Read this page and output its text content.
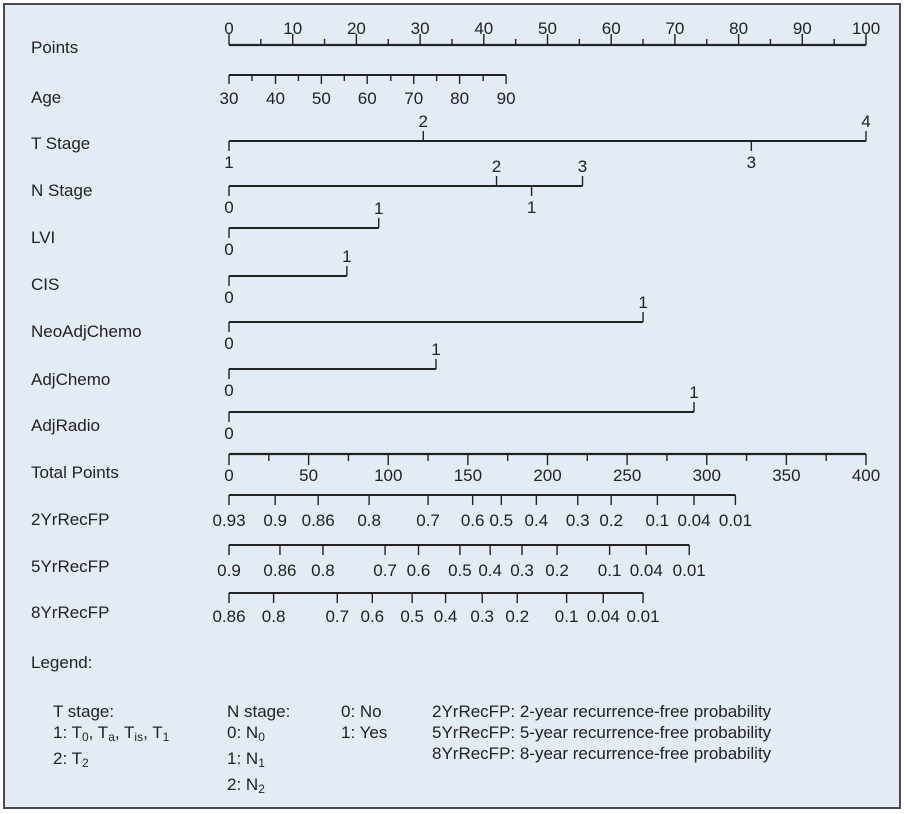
Points
0	10	20	30	40	50	60	70	80	90 100
Age	30 40 50 60 70 80 90
T Stage
1
2
3
4
N Stage
0	1
2	3
LVI
0
1
CIS
0
1
NeoAdjChemo
0
1
AdjChemo
0
1
AdjRadio	0
1
Total Points	0	50	100	150	200	250	300	350	400
2YrRecFP	0.93 0.9 0.86 0.8 0.7 0.6 0.5 0.4 0.3 0.2 0.1 0.04 0.01
5YrRecFP	0.9 0.86 0.8 0.7 0.6 0.5 0.4 0.3 0.2 0.1 0.04 0.01
8YrRecFP	0.86 0.8 0.7 0.6 0.5 0.4 0.3 0.2 0.1 0.04 0.01
Legend:
T stage:
1: $T_0$, $T_a$, $T_{is}$, $T_1$
2: $T_2$
N stage:
0: $N_0$
1: $N_1$
2: $N_2$
0: No
1: Yes
2YrRecFP: 2-year recurrence-free probability
5YrRecFP: 5-year recurrence-free probability
8YrRecFP: 8-year recurrence-free probability
